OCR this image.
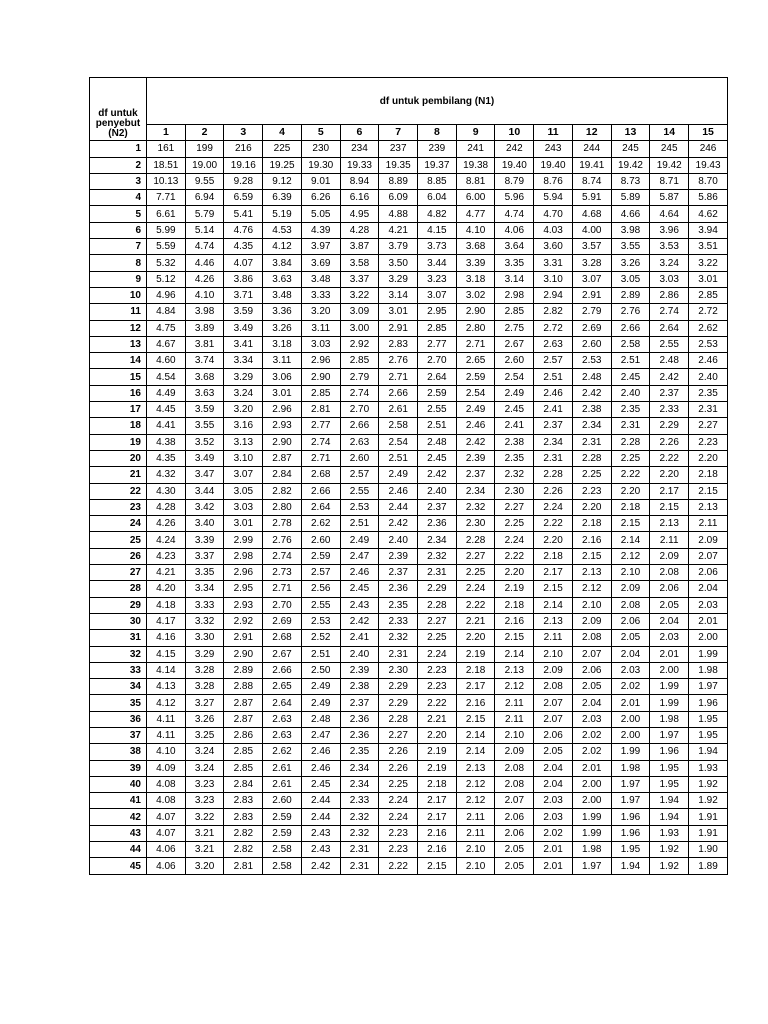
df untuk
penyebut
(N2)	df untuk pembilang (N1)														
	1	2	3	4	5	6	7	8	9	10	11	12	13	14	15
1	161	199	216	225	230	234	237	239	241	242	243	244	245	245	246
2	18.51	19.00	19.16	19.25	19.30	19.33	19.35	19.37	19.38	19.40	19.40	19.41	19.42	19.42	19.43
3	10.13	9.55	9.28	9.12	9.01	8.94	8.89	8.85	8.81	8.79	8.76	8.74	8.73	8.71	8.70
4	7.71	6.94	6.59	6.39	6.26	6.16	6.09	6.04	6.00	5.96	5.94	5.91	5.89	5.87	5.86
5	6.61	5.79	5.41	5.19	5.05	4.95	4.88	4.82	4.77	4.74	4.70	4.68	4.66	4.64	4.62
6	5.99	5.14	4.76	4.53	4.39	4.28	4.21	4.15	4.10	4.06	4.03	4.00	3.98	3.96	3.94
7	5.59	4.74	4.35	4.12	3.97	3.87	3.79	3.73	3.68	3.64	3.60	3.57	3.55	3.53	3.51
8	5.32	4.46	4.07	3.84	3.69	3.58	3.50	3.44	3.39	3.35	3.31	3.28	3.26	3.24	3.22
9	5.12	4.26	3.86	3.63	3.48	3.37	3.29	3.23	3.18	3.14	3.10	3.07	3.05	3.03	3.01
10	4.96	4.10	3.71	3.48	3.33	3.22	3.14	3.07	3.02	2.98	2.94	2.91	2.89	2.86	2.85
11	4.84	3.98	3.59	3.36	3.20	3.09	3.01	2.95	2.90	2.85	2.82	2.79	2.76	2.74	2.72
12	4.75	3.89	3.49	3.26	3.11	3.00	2.91	2.85	2.80	2.75	2.72	2.69	2.66	2.64	2.62
13	4.67	3.81	3.41	3.18	3.03	2.92	2.83	2.77	2.71	2.67	2.63	2.60	2.58	2.55	2.53
14	4.60	3.74	3.34	3.11	2.96	2.85	2.76	2.70	2.65	2.60	2.57	2.53	2.51	2.48	2.46
15	4.54	3.68	3.29	3.06	2.90	2.79	2.71	2.64	2.59	2.54	2.51	2.48	2.45	2.42	2.40
16	4.49	3.63	3.24	3.01	2.85	2.74	2.66	2.59	2.54	2.49	2.46	2.42	2.40	2.37	2.35
17	4.45	3.59	3.20	2.96	2.81	2.70	2.61	2.55	2.49	2.45	2.41	2.38	2.35	2.33	2.31
18	4.41	3.55	3.16	2.93	2.77	2.66	2.58	2.51	2.46	2.41	2.37	2.34	2.31	2.29	2.27
19	4.38	3.52	3.13	2.90	2.74	2.63	2.54	2.48	2.42	2.38	2.34	2.31	2.28	2.26	2.23
20	4.35	3.49	3.10	2.87	2.71	2.60	2.51	2.45	2.39	2.35	2.31	2.28	2.25	2.22	2.20
21	4.32	3.47	3.07	2.84	2.68	2.57	2.49	2.42	2.37	2.32	2.28	2.25	2.22	2.20	2.18
22	4.30	3.44	3.05	2.82	2.66	2.55	2.46	2.40	2.34	2.30	2.26	2.23	2.20	2.17	2.15
23	4.28	3.42	3.03	2.80	2.64	2.53	2.44	2.37	2.32	2.27	2.24	2.20	2.18	2.15	2.13
24	4.26	3.40	3.01	2.78	2.62	2.51	2.42	2.36	2.30	2.25	2.22	2.18	2.15	2.13	2.11
25	4.24	3.39	2.99	2.76	2.60	2.49	2.40	2.34	2.28	2.24	2.20	2.16	2.14	2.11	2.09
26	4.23	3.37	2.98	2.74	2.59	2.47	2.39	2.32	2.27	2.22	2.18	2.15	2.12	2.09	2.07
27	4.21	3.35	2.96	2.73	2.57	2.46	2.37	2.31	2.25	2.20	2.17	2.13	2.10	2.08	2.06
28	4.20	3.34	2.95	2.71	2.56	2.45	2.36	2.29	2.24	2.19	2.15	2.12	2.09	2.06	2.04
29	4.18	3.33	2.93	2.70	2.55	2.43	2.35	2.28	2.22	2.18	2.14	2.10	2.08	2.05	2.03
30	4.17	3.32	2.92	2.69	2.53	2.42	2.33	2.27	2.21	2.16	2.13	2.09	2.06	2.04	2.01
31	4.16	3.30	2.91	2.68	2.52	2.41	2.32	2.25	2.20	2.15	2.11	2.08	2.05	2.03	2.00
32	4.15	3.29	2.90	2.67	2.51	2.40	2.31	2.24	2.19	2.14	2.10	2.07	2.04	2.01	1.99
33	4.14	3.28	2.89	2.66	2.50	2.39	2.30	2.23	2.18	2.13	2.09	2.06	2.03	2.00	1.98
34	4.13	3.28	2.88	2.65	2.49	2.38	2.29	2.23	2.17	2.12	2.08	2.05	2.02	1.99	1.97
35	4.12	3.27	2.87	2.64	2.49	2.37	2.29	2.22	2.16	2.11	2.07	2.04	2.01	1.99	1.96
36	4.11	3.26	2.87	2.63	2.48	2.36	2.28	2.21	2.15	2.11	2.07	2.03	2.00	1.98	1.95
37	4.11	3.25	2.86	2.63	2.47	2.36	2.27	2.20	2.14	2.10	2.06	2.02	2.00	1.97	1.95
38	4.10	3.24	2.85	2.62	2.46	2.35	2.26	2.19	2.14	2.09	2.05	2.02	1.99	1.96	1.94
39	4.09	3.24	2.85	2.61	2.46	2.34	2.26	2.19	2.13	2.08	2.04	2.01	1.98	1.95	1.93
40	4.08	3.23	2.84	2.61	2.45	2.34	2.25	2.18	2.12	2.08	2.04	2.00	1.97	1.95	1.92
41	4.08	3.23	2.83	2.60	2.44	2.33	2.24	2.17	2.12	2.07	2.03	2.00	1.97	1.94	1.92
42	4.07	3.22	2.83	2.59	2.44	2.32	2.24	2.17	2.11	2.06	2.03	1.99	1.96	1.94	1.91
43	4.07	3.21	2.82	2.59	2.43	2.32	2.23	2.16	2.11	2.06	2.02	1.99	1.96	1.93	1.91
44	4.06	3.21	2.82	2.58	2.43	2.31	2.23	2.16	2.10	2.05	2.01	1.98	1.95	1.92	1.90
45	4.06	3.20	2.81	2.58	2.42	2.31	2.22	2.15	2.10	2.05	2.01	1.97	1.94	1.92	1.89
